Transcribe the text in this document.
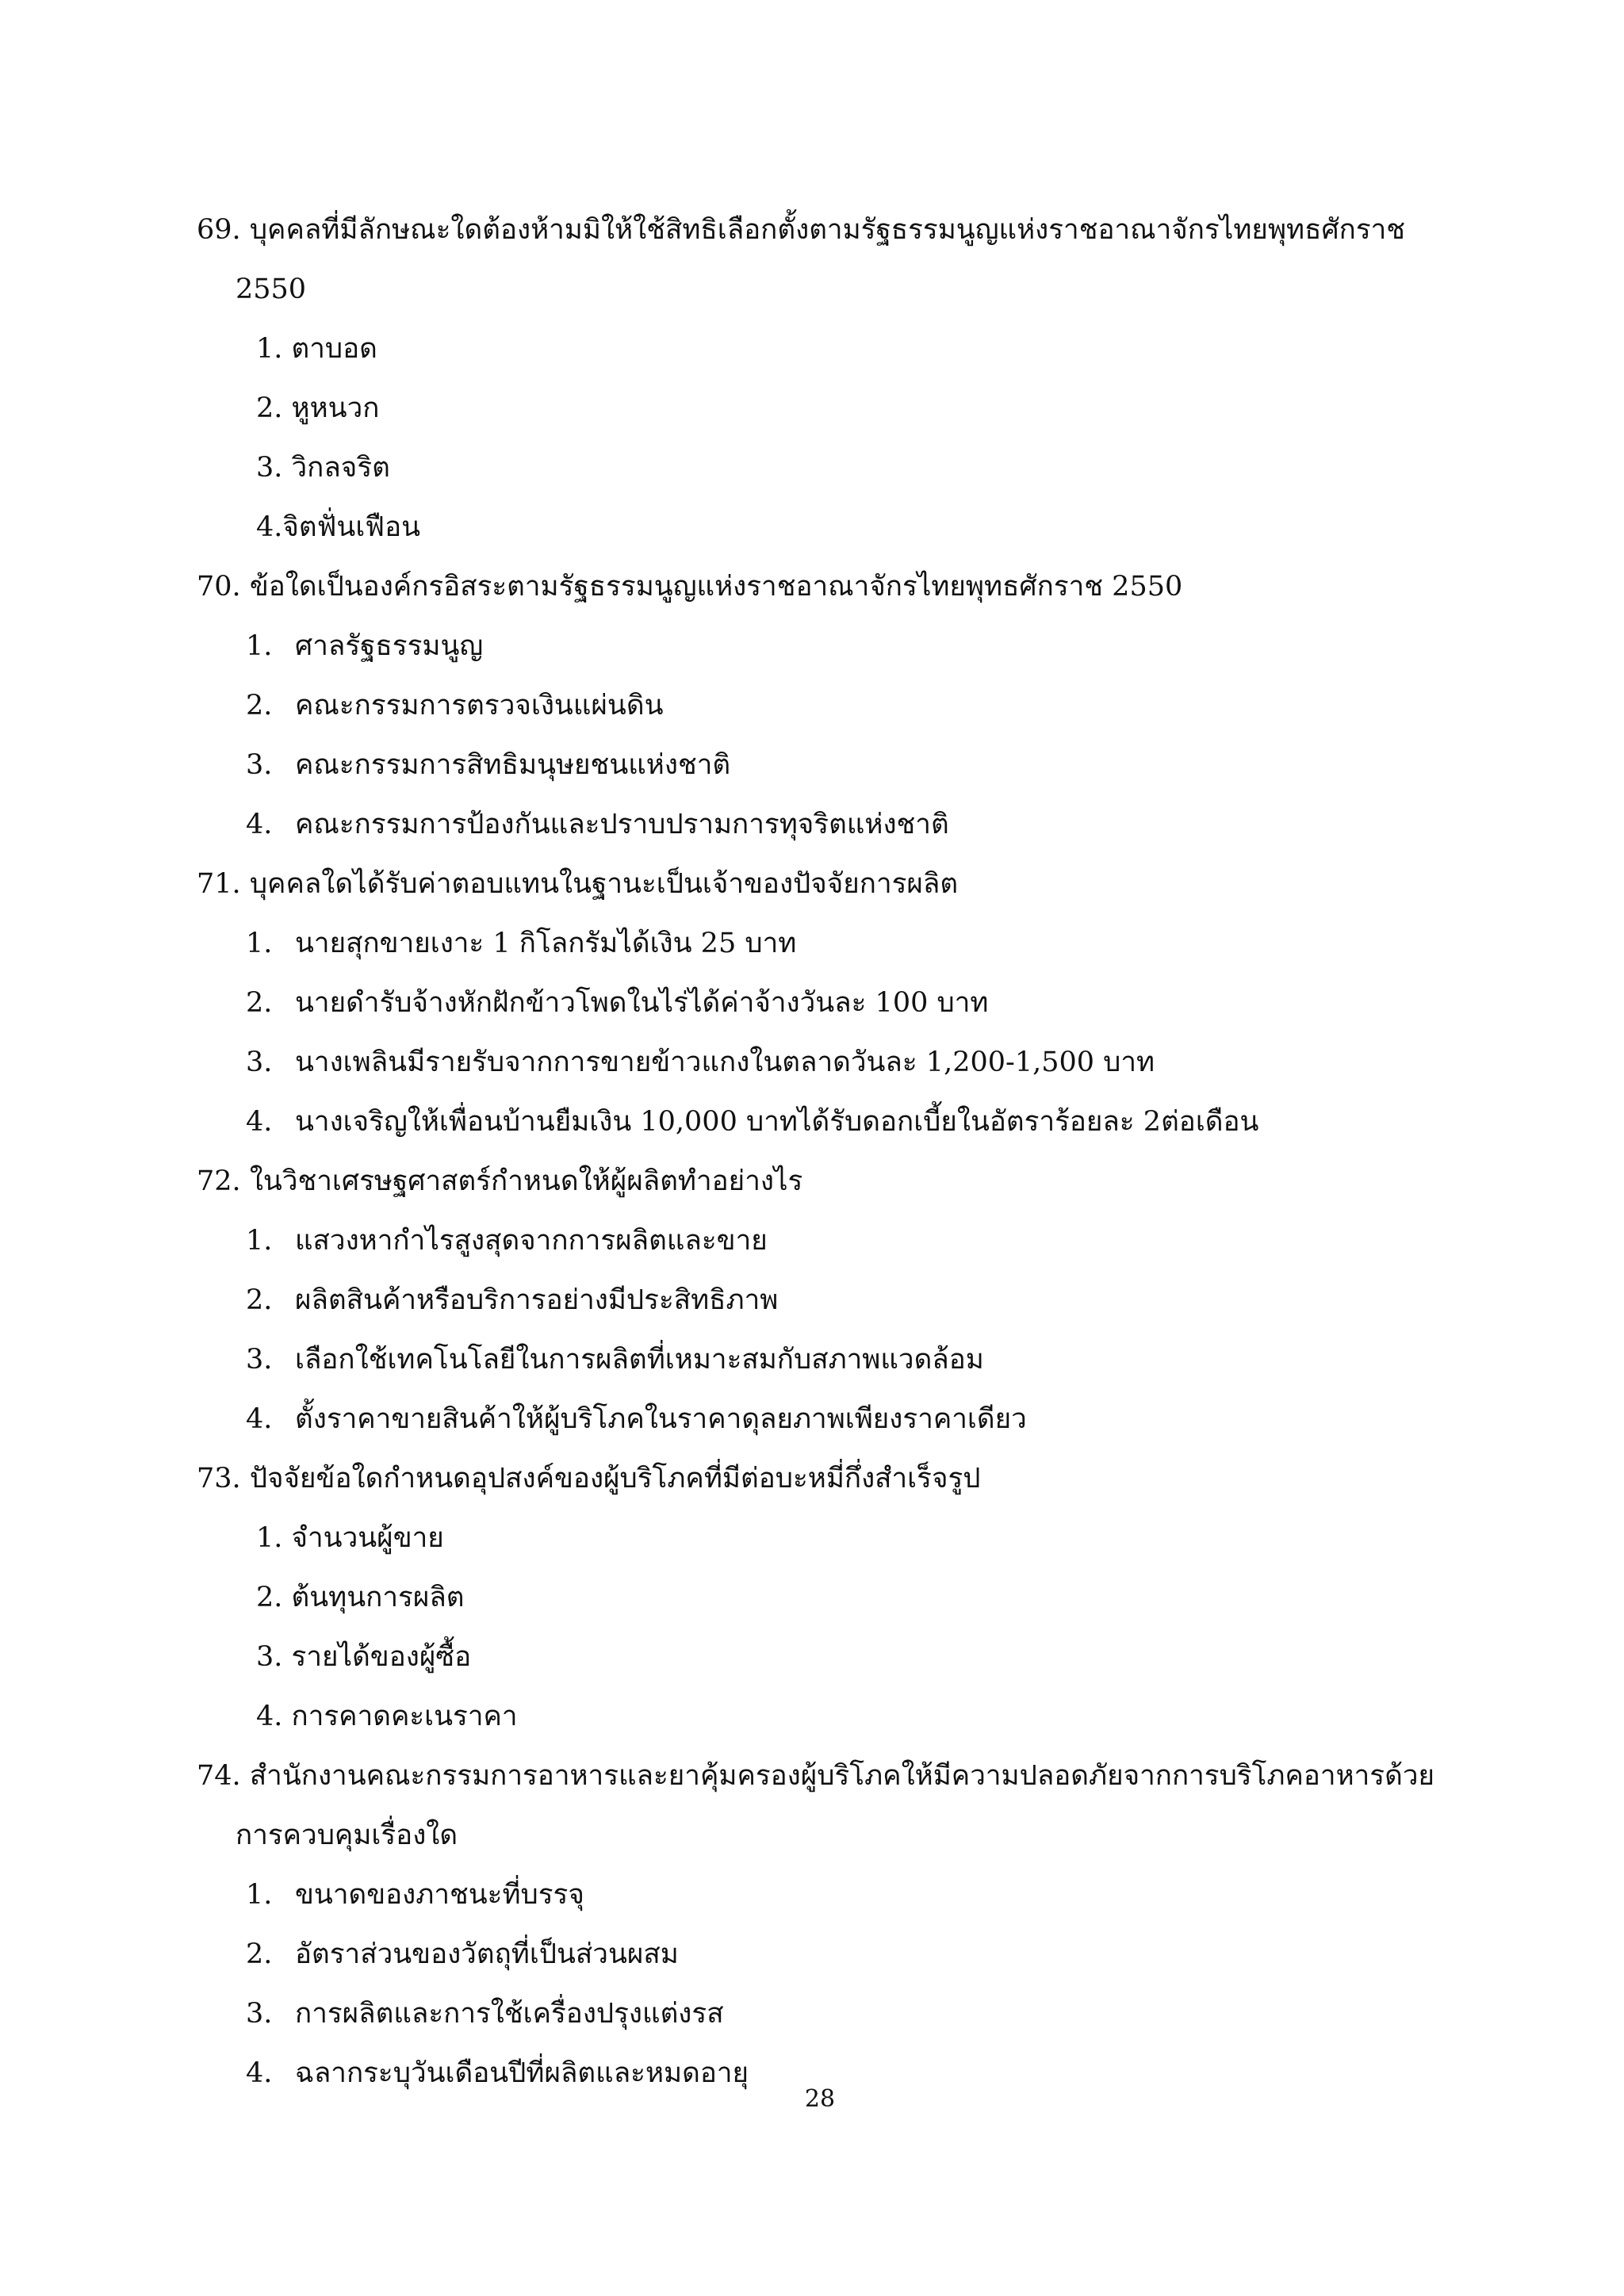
69. บุคคลที่มีลักษณะใดต้องห้ามมิให้ใช้สิทธิเลือกตั้งตามรัฐธรรมนูญแห่งราชอาณาจักรไทยพุทธศักราช
2550
1. ตาบอด
2. หูหนวก
3. วิกลจริต
4.จิตฟั่นเฟือน
70. ข้อใดเป็นองค์กรอิสระตามรัฐธรรมนูญแห่งราชอาณาจักรไทยพุทธศักราช 2550
1. ศาลรัฐธรรมนูญ
2. คณะกรรมการตรวจเงินแผ่นดิน
3. คณะกรรมการสิทธิมนุษยชนแห่งชาติ
4. คณะกรรมการป้องกันและปราบปรามการทุจริตแห่งชาติ
71. บุคคลใดได้รับค่าตอบแทนในฐานะเป็นเจ้าของปัจจัยการผลิต
1. นายสุกขายเงาะ 1 กิโลกรัมได้เงิน 25 บาท
2. นายดำรับจ้างหักฝักข้าวโพดในไร่ได้ค่าจ้างวันละ 100 บาท
3. นางเพลินมีรายรับจากการขายข้าวแกงในตลาดวันละ 1,200-1,500 บาท
4. นางเจริญให้เพื่อนบ้านยืมเงิน 10,000 บาทได้รับดอกเบี้ยในอัตราร้อยละ 2ต่อเดือน
72. ในวิชาเศรษฐศาสตร์กำหนดให้ผู้ผลิตทำอย่างไร
1. แสวงหากำไรสูงสุดจากการผลิตและขาย
2. ผลิตสินค้าหรือบริการอย่างมีประสิทธิภาพ
3. เลือกใช้เทคโนโลยีในการผลิตที่เหมาะสมกับสภาพแวดล้อม
4. ตั้งราคาขายสินค้าให้ผู้บริโภคในราคาดุลยภาพเพียงราคาเดียว
73. ปัจจัยข้อใดกำหนดอุปสงค์ของผู้บริโภคที่มีต่อบะหมี่กึ่งสำเร็จรูป
1. จำนวนผู้ขาย
2. ต้นทุนการผลิต
3. รายได้ของผู้ซื้อ
4. การคาดคะเนราคา
74. สำนักงานคณะกรรมการอาหารและยาคุ้มครองผู้บริโภคให้มีความปลอดภัยจากการบริโภคอาหารด้วย
การควบคุมเรื่องใด
1. ขนาดของภาชนะที่บรรจุ
2. อัตราส่วนของวัตถุที่เป็นส่วนผสม
3. การผลิตและการใช้เครื่องปรุงแต่งรส
4. ฉลากระบุวันเดือนปีที่ผลิตและหมดอายุ
28
